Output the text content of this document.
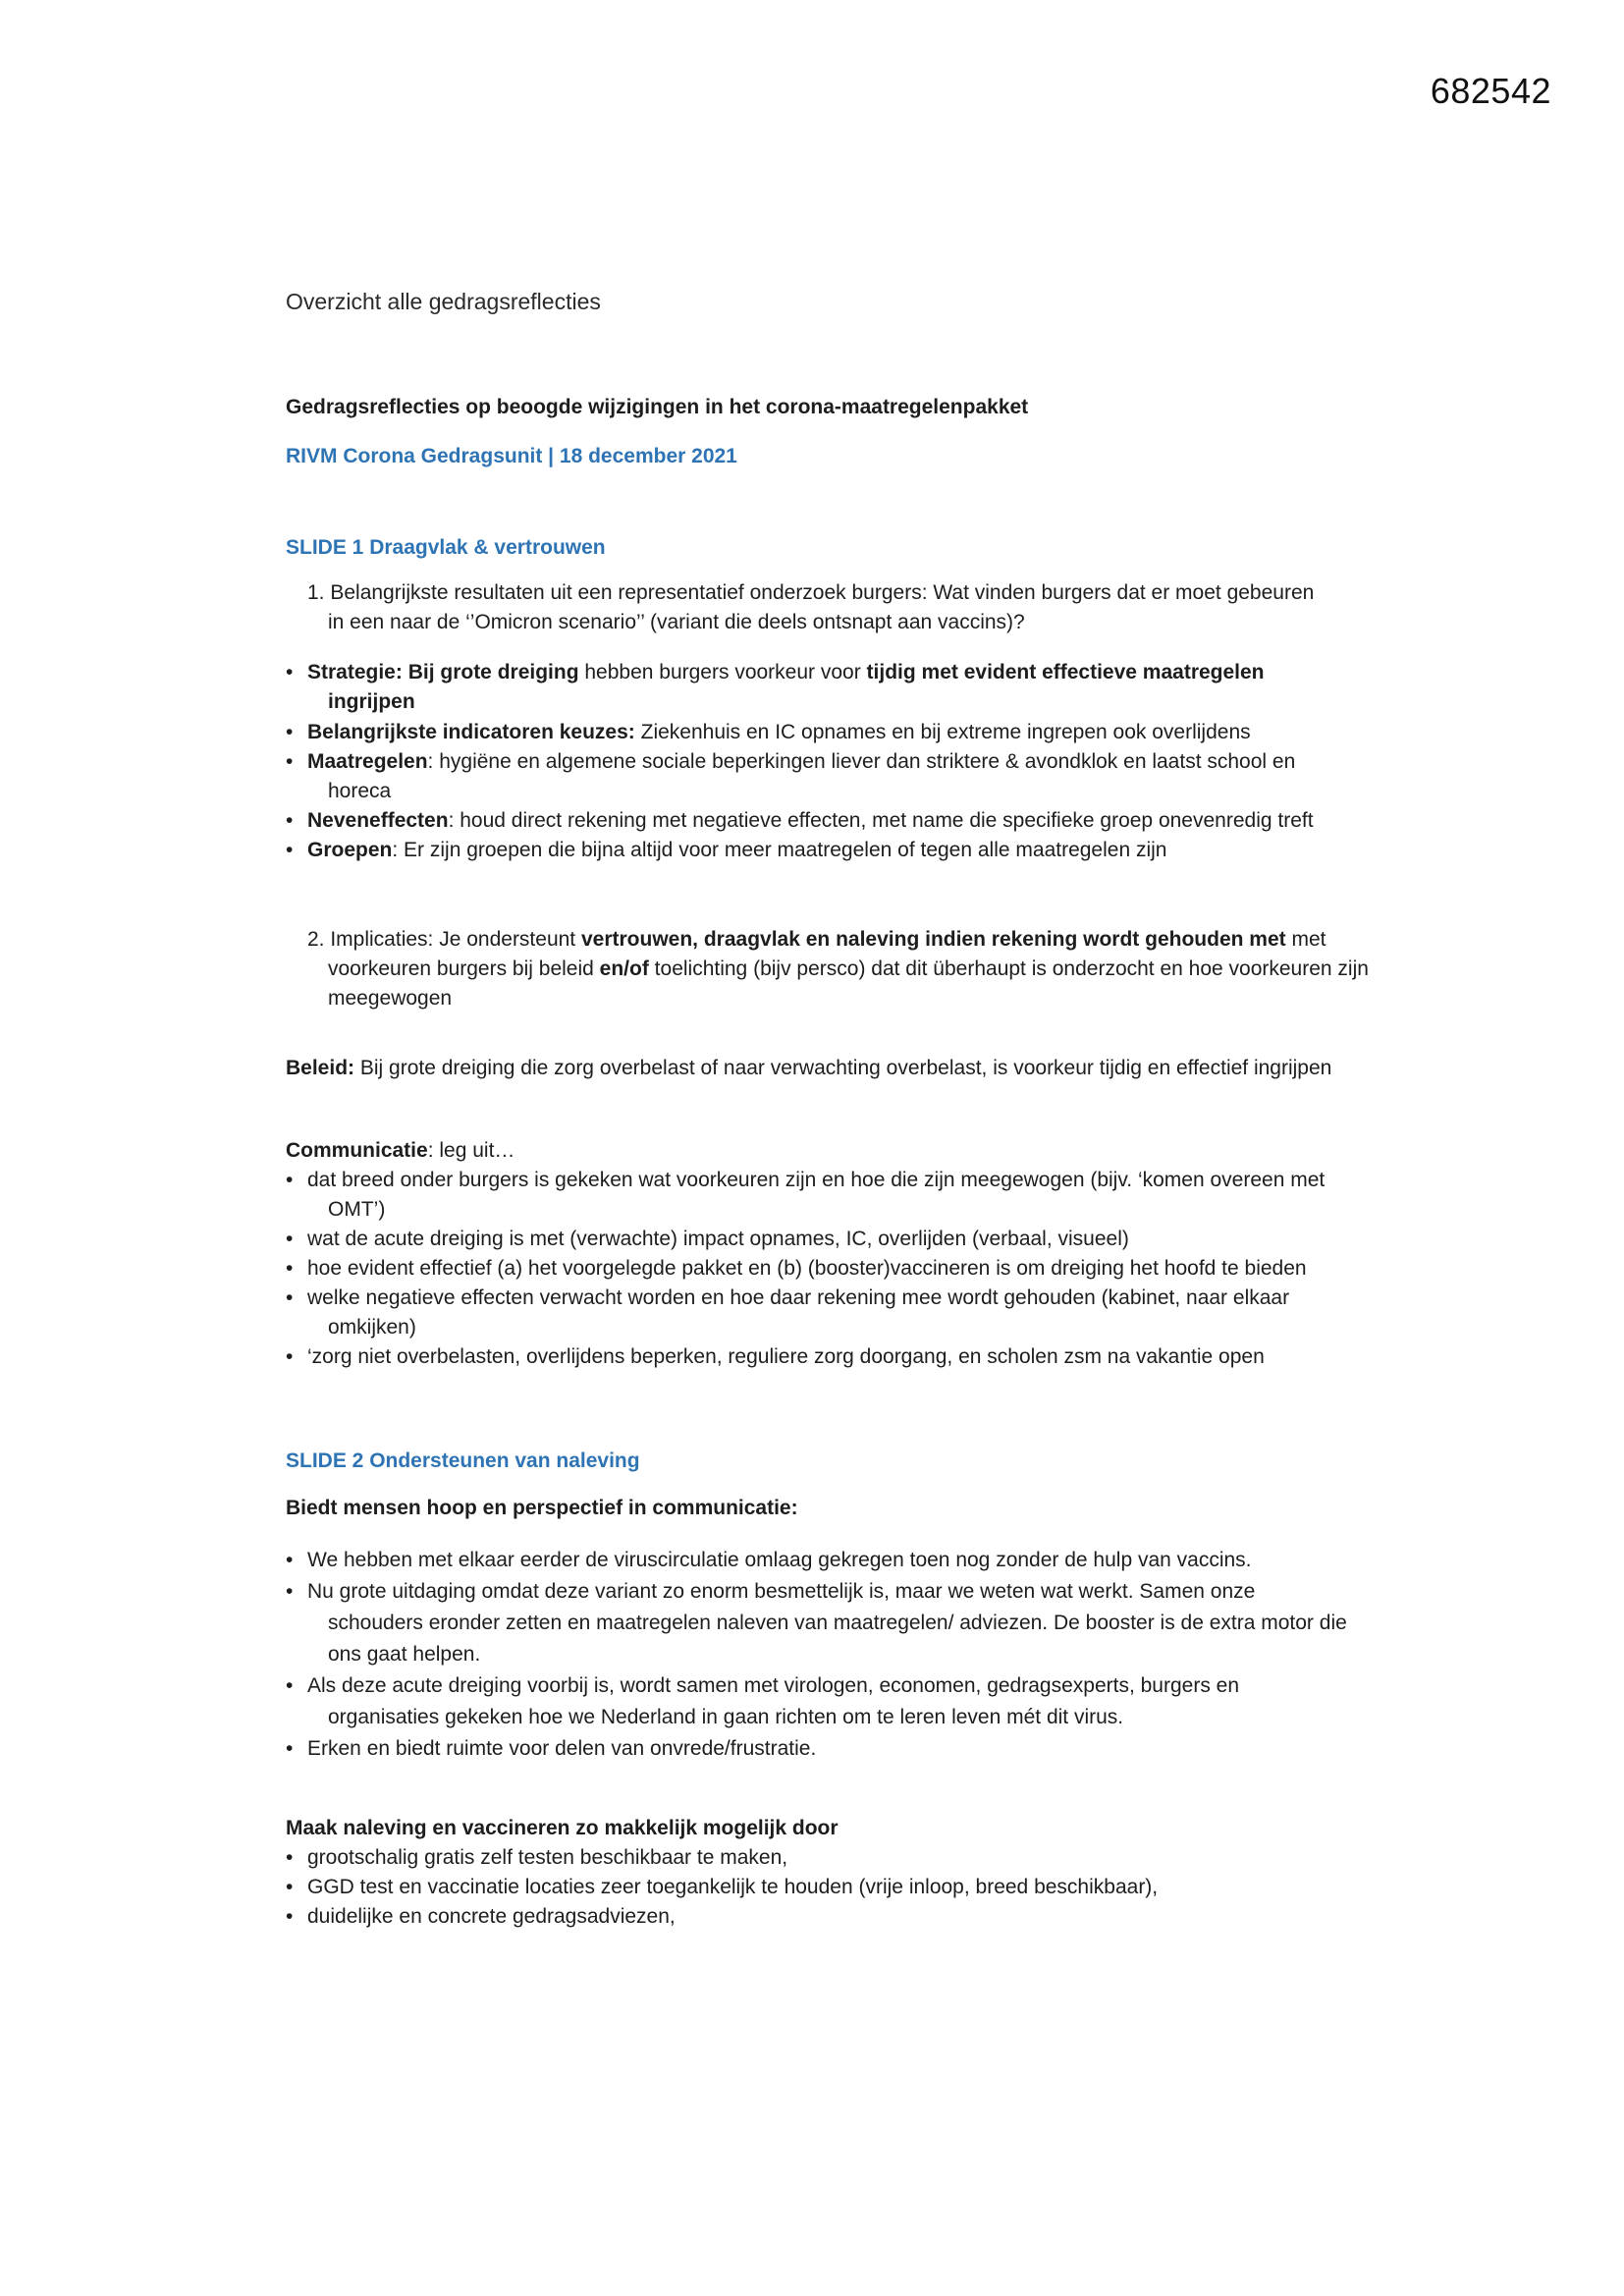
682542
Overzicht alle gedragsreflecties
Gedragsreflecties op beoogde wijzigingen in het corona-maatregelenpakket
RIVM Corona Gedragsunit | 18 december 2021
SLIDE 1 Draagvlak & vertrouwen
1. Belangrijkste resultaten uit een representatief onderzoek burgers: Wat vinden burgers dat er moet gebeuren in een naar de ‘’Omicron scenario’’ (variant die deels ontsnapt aan vaccins)?
• Strategie: Bij grote dreiging hebben burgers voorkeur voor tijdig met evident effectieve maatregelen ingrijpen
• Belangrijkste indicatoren keuzes: Ziekenhuis en IC opnames en bij extreme ingrepen ook overlijdens
• Maatregelen: hygiëne en algemene sociale beperkingen liever dan striktere & avondklok en laatst school en horeca
• Neveneffecten: houd direct rekening met negatieve effecten, met name die specifieke groep onevenredig treft
• Groepen: Er zijn groepen die bijna altijd voor meer maatregelen of tegen alle maatregelen zijn
2. Implicaties: Je ondersteunt vertrouwen, draagvlak en naleving indien rekening wordt gehouden met met voorkeuren burgers bij beleid en/of toelichting (bijv persco) dat dit überhaupt is onderzocht en hoe voorkeuren zijn meegewogen
Beleid: Bij grote dreiging die zorg overbelast of naar verwachting overbelast, is voorkeur tijdig en effectief ingrijpen
Communicatie: leg uit…
• dat breed onder burgers is gekeken wat voorkeuren zijn en hoe die zijn meegewogen (bijv. ‘komen overeen met OMT’)
• wat de acute dreiging is met (verwachte) impact opnames, IC, overlijden (verbaal, visueel)
• hoe evident effectief (a) het voorgelegde pakket en (b) (booster)vaccineren is om dreiging het hoofd te bieden
• welke negatieve effecten verwacht worden en hoe daar rekening mee wordt gehouden (kabinet, naar elkaar omkijken)
• ‘zorg niet overbelasten, overlijdens beperken, reguliere zorg doorgang, en scholen zsm na vakantie open
SLIDE 2 Ondersteunen van naleving
Biedt mensen hoop en perspectief in communicatie:
• We hebben met elkaar eerder de viruscirculatie omlaag gekregen toen nog zonder de hulp van vaccins.
• Nu grote uitdaging omdat deze variant zo enorm besmettelijk is, maar we weten wat werkt. Samen onze schouders eronder zetten en maatregelen naleven van maatregelen/ adviezen. De booster is de extra motor die ons gaat helpen.
• Als deze acute dreiging voorbij is, wordt samen met virologen, economen, gedragsexperts, burgers en organisaties gekeken hoe we Nederland in gaan richten om te leren leven mét dit virus.
• Erken en biedt ruimte voor delen van onvrede/frustratie.
Maak naleving en vaccineren zo makkelijk mogelijk door
• grootschalig gratis zelf testen beschikbaar te maken,
• GGD test en vaccinatie locaties zeer toegankelijk te houden (vrije inloop, breed beschikbaar),
• duidelijke en concrete gedragsadviezen,
